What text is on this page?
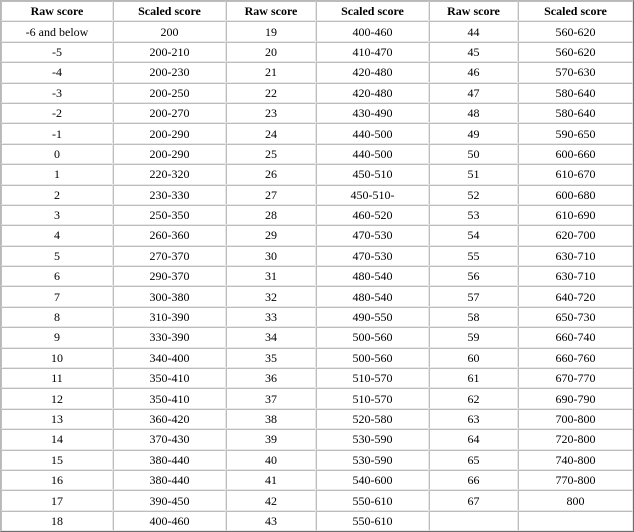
Raw score	Scaled score	Raw score	Scaled score	Raw score	Scaled score
-6 and below	200	19	400-460	44	560-620
-5	200-210	20	410-470	45	560-620
-4	200-230	21	420-480	46	570-630
-3	200-250	22	420-480	47	580-640
-2	200-270	23	430-490	48	580-640
-1	200-290	24	440-500	49	590-650
0	200-290	25	440-500	50	600-660
1	220-320	26	450-510	51	610-670
2	230-330	27	450-510-	52	600-680
3	250-350	28	460-520	53	610-690
4	260-360	29	470-530	54	620-700
5	270-370	30	470-530	55	630-710
6	290-370	31	480-540	56	630-710
7	300-380	32	480-540	57	640-720
8	310-390	33	490-550	58	650-730
9	330-390	34	500-560	59	660-740
10	340-400	35	500-560	60	660-760
11	350-410	36	510-570	61	670-770
12	350-410	37	510-570	62	690-790
13	360-420	38	520-580	63	700-800
14	370-430	39	530-590	64	720-800
15	380-440	40	530-590	65	740-800
16	380-440	41	540-600	66	770-800
17	390-450	42	550-610	67	800
18	400-460	43	550-610		
